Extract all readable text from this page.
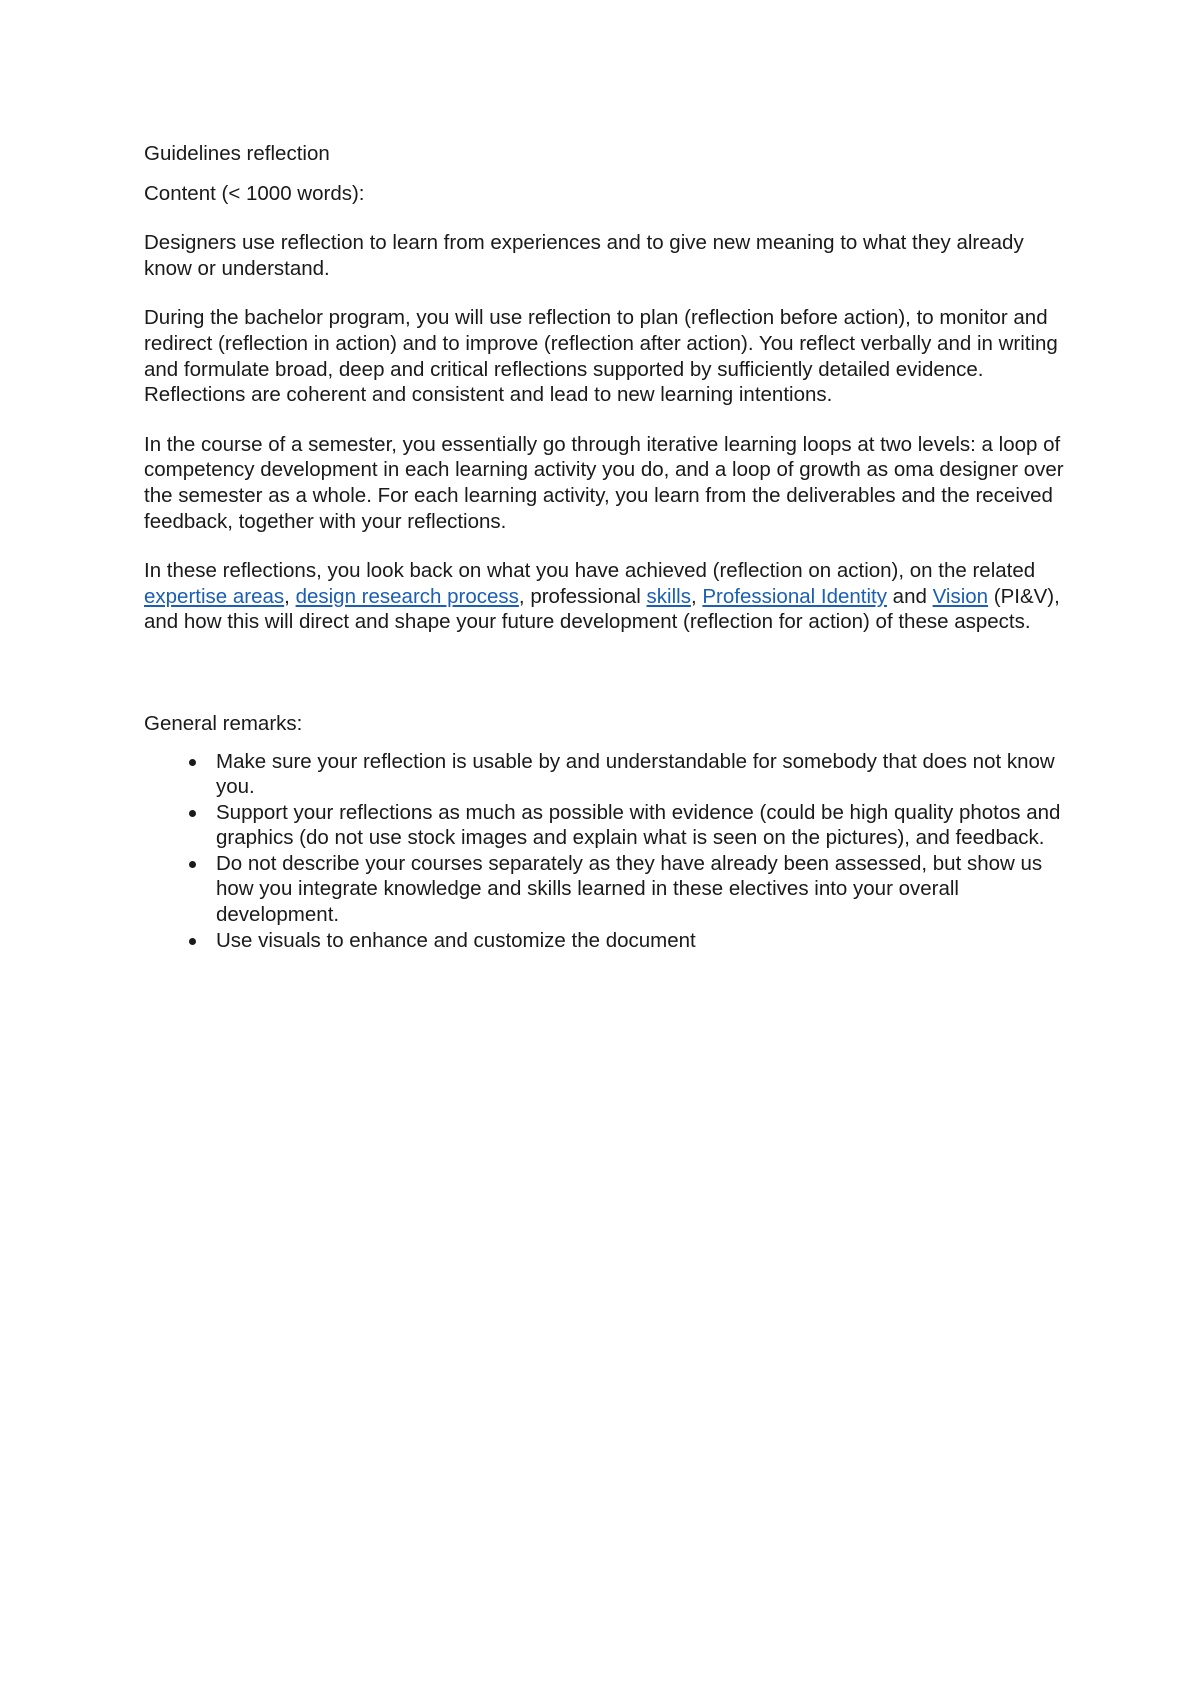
Guidelines reflection
Content (< 1000 words):

Designers use reflection to learn from experiences and to give new meaning to what they already know or understand.

During the bachelor program, you will use reflection to plan (reflection before action), to monitor and redirect (reflection in action) and to improve (reflection after action). You reflect verbally and in writing and formulate broad, deep and critical reflections supported by sufficiently detailed evidence. Reflections are coherent and consistent and lead to new learning intentions.

In the course of a semester, you essentially go through iterative learning loops at two levels: a loop of competency development in each learning activity you do, and a loop of growth as oma designer over the semester as a whole. For each learning activity, you learn from the deliverables and the received feedback, together with your reflections.

In these reflections, you look back on what you have achieved (reflection on action), on the related expertise areas, design research process, professional skills, Professional Identity and Vision (PI&V), and how this will direct and shape your future development (reflection for action) of these aspects.

General remarks:
Make sure your reflection is usable by and understandable for somebody that does not know you.
Support your reflections as much as possible with evidence (could be high quality photos and graphics (do not use stock images and explain what is seen on the pictures), and feedback.
Do not describe your courses separately as they have already been assessed, but show us how you integrate knowledge and skills learned in these electives into your overall development.
Use visuals to enhance and customize the document
